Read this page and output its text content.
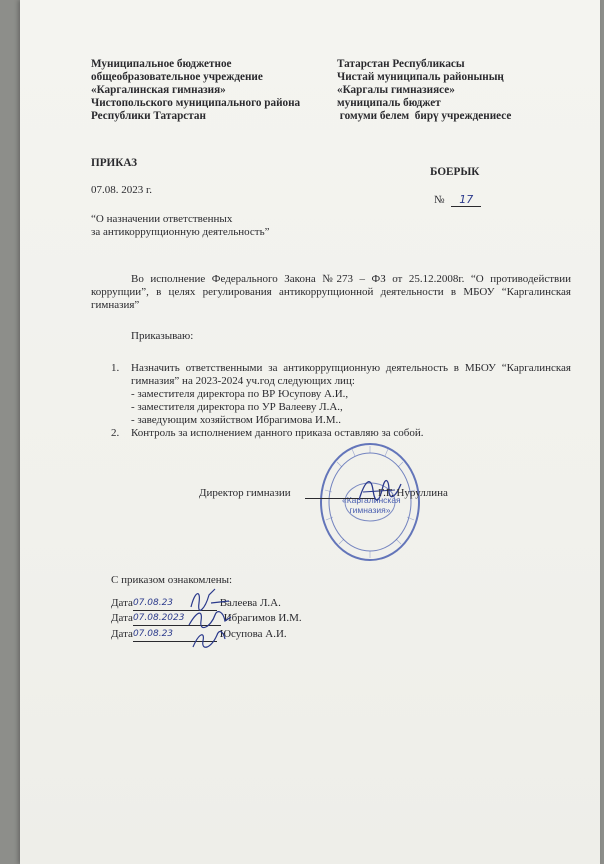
Муниципальное бюджетное
общеобразовательное учреждение
«Каргалинская гимназия»
Чистопольского муниципального района
Республики Татарстан
Татарстан Республикасы
Чистай муниципаль районының
«Каргалы гимназиясе»
муниципаль бюджет
гомуми белем  бирү учреждениесе
ПРИКАЗ
БОЕРЫК
07.08. 2023 г.
№ 17
“О назначении ответственных
за антикоррупционную деятельность”
Во исполнение Федерального Закона №273 – ФЗ от 25.12.2008г. “О противодействии коррупции”, в целях регулирования антикоррупционной деятельности в МБОУ “Каргалинская гимназия”
Приказываю:
1. Назначить ответственными за антикоррупционную деятельность в МБОУ “Каргалинская гимназия” на 2023-2024 уч.год следующих лиц:
- заместителя директора по ВР Юсупову А.И.,
- заместителя директора по УР Валееву Л.А.,
- заведующим хозяйством Ибрагимова И.М..
2. Контроль за исполнением данного приказа оставляю за собой.
«Каргалинская гимназия»
Директор гимназии	Г.Г. Нуруллина
С приказом ознакомлены:
Дата07.08.23	Валеева Л.А.
Дата07.08.2023	Ибрагимов И.М.
Дата07.08.23	Юсупова А.И.
